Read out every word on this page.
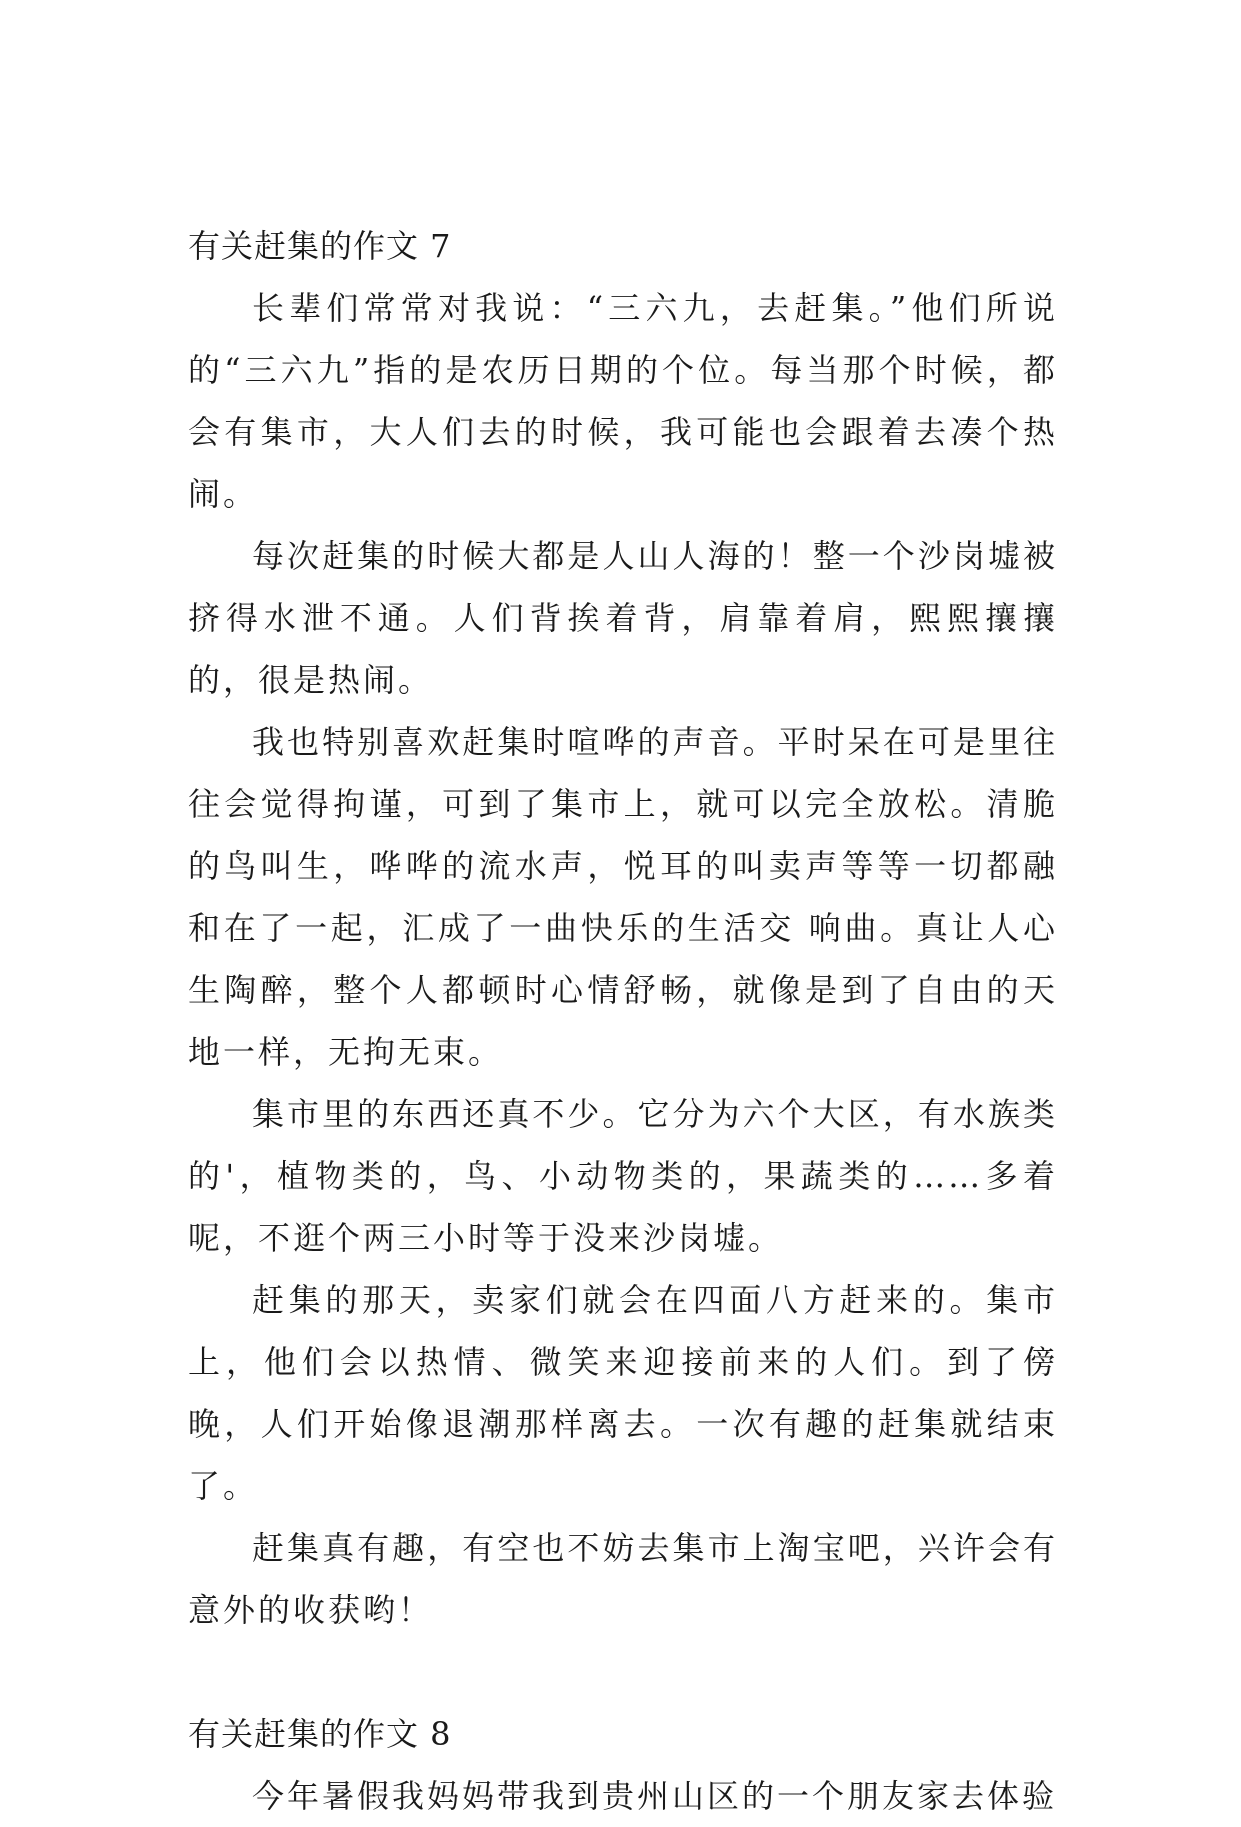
有关赶集的作文 7

长辈们常常对我说：“三六九，去赶集。”他们所说的“三六九”指的是农历日期的个位。每当那个时候，都会有集市，大人们去的时候，我可能也会跟着去凑个热闹。

每次赶集的时候大都是人山人海的！整一个沙岗墟被挤得水泄不通。人们背挨着背，肩靠着肩，熙熙攘攘的，很是热闹。

我也特别喜欢赶集时喧哗的声音。平时呆在可是里往往会觉得拘谨，可到了集市上，就可以完全放松。清脆的鸟叫生，哗哗的流水声，悦耳的叫卖声等等一切都融和在了一起，汇成了一曲快乐的生活交 响曲。真让人心生陶醉，整个人都顿时心情舒畅，就像是到了自由的天地一样，无拘无束。

集市里的东西还真不少。它分为六个大区，有水族类的'，植物类的，鸟、小动物类的，果蔬类的……多着呢，不逛个两三小时等于没来沙岗墟。

赶集的那天，卖家们就会在四面八方赶来的。集市上，他们会以热情、微笑来迎接前来的人们。到了傍晚，人们开始像退潮那样离去。一次有趣的赶集就结束了。

赶集真有趣，有空也不妨去集市上淘宝吧，兴许会有意外的收获哟！

有关赶集的作文 8

今年暑假我妈妈带我到贵州山区的一个朋友家去体验
